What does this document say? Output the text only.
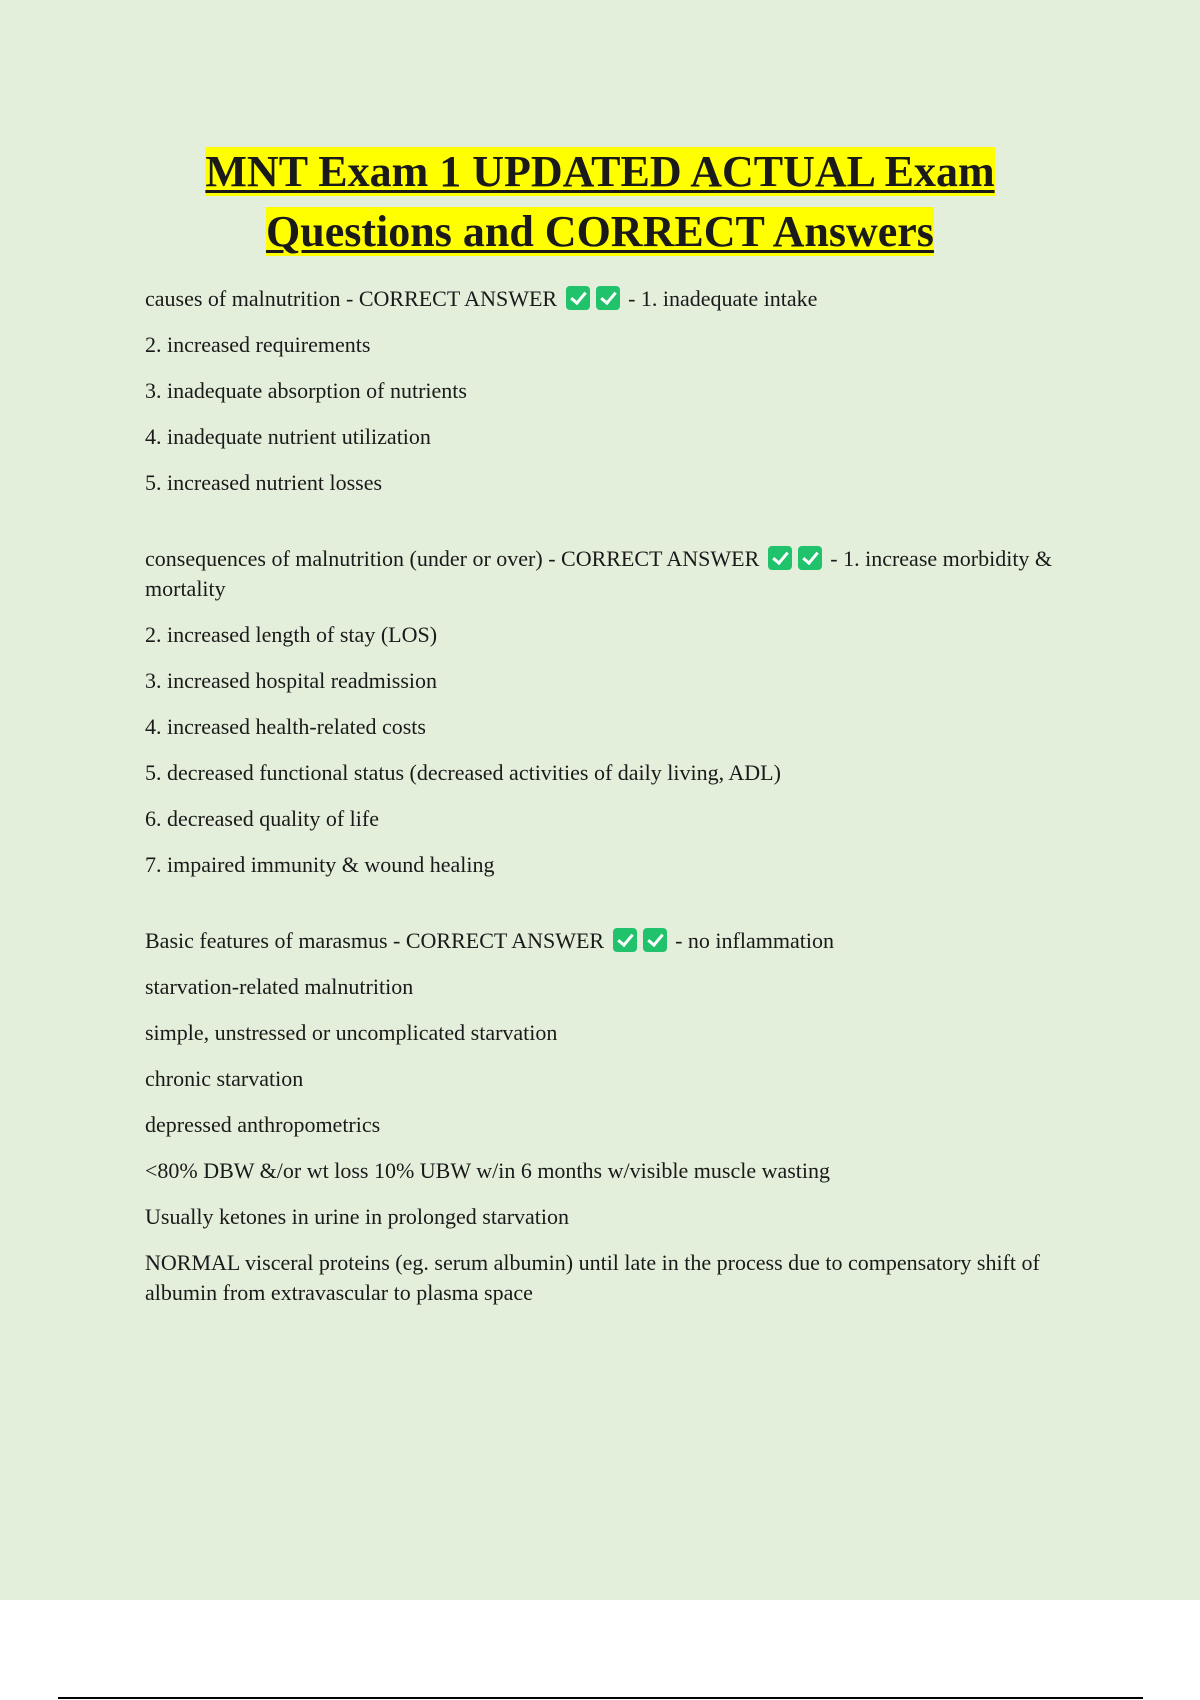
MNT Exam 1 UPDATED ACTUAL Exam
Questions and CORRECT Answers
causes of malnutrition - CORRECT ANSWER	- 1. inadequate intake
2. increased requirements
3. inadequate absorption of nutrients
4. inadequate nutrient utilization
5. increased nutrient losses
consequences of malnutrition (under or over) - CORRECT ANSWER	- 1. increase morbidity & mortality
2. increased length of stay (LOS)
3. increased hospital readmission
4. increased health-related costs
5. decreased functional status (decreased activities of daily living, ADL)
6. decreased quality of life
7. impaired immunity & wound healing
Basic features of marasmus - CORRECT ANSWER	- no inflammation
starvation-related malnutrition
simple, unstressed or uncomplicated starvation
chronic starvation
depressed anthropometrics
<80% DBW &/or wt loss 10% UBW w/in 6 months w/visible muscle wasting
Usually ketones in urine in prolonged starvation
NORMAL visceral proteins (eg. serum albumin) until late in the process due to compensatory shift of albumin from extravascular to plasma space
